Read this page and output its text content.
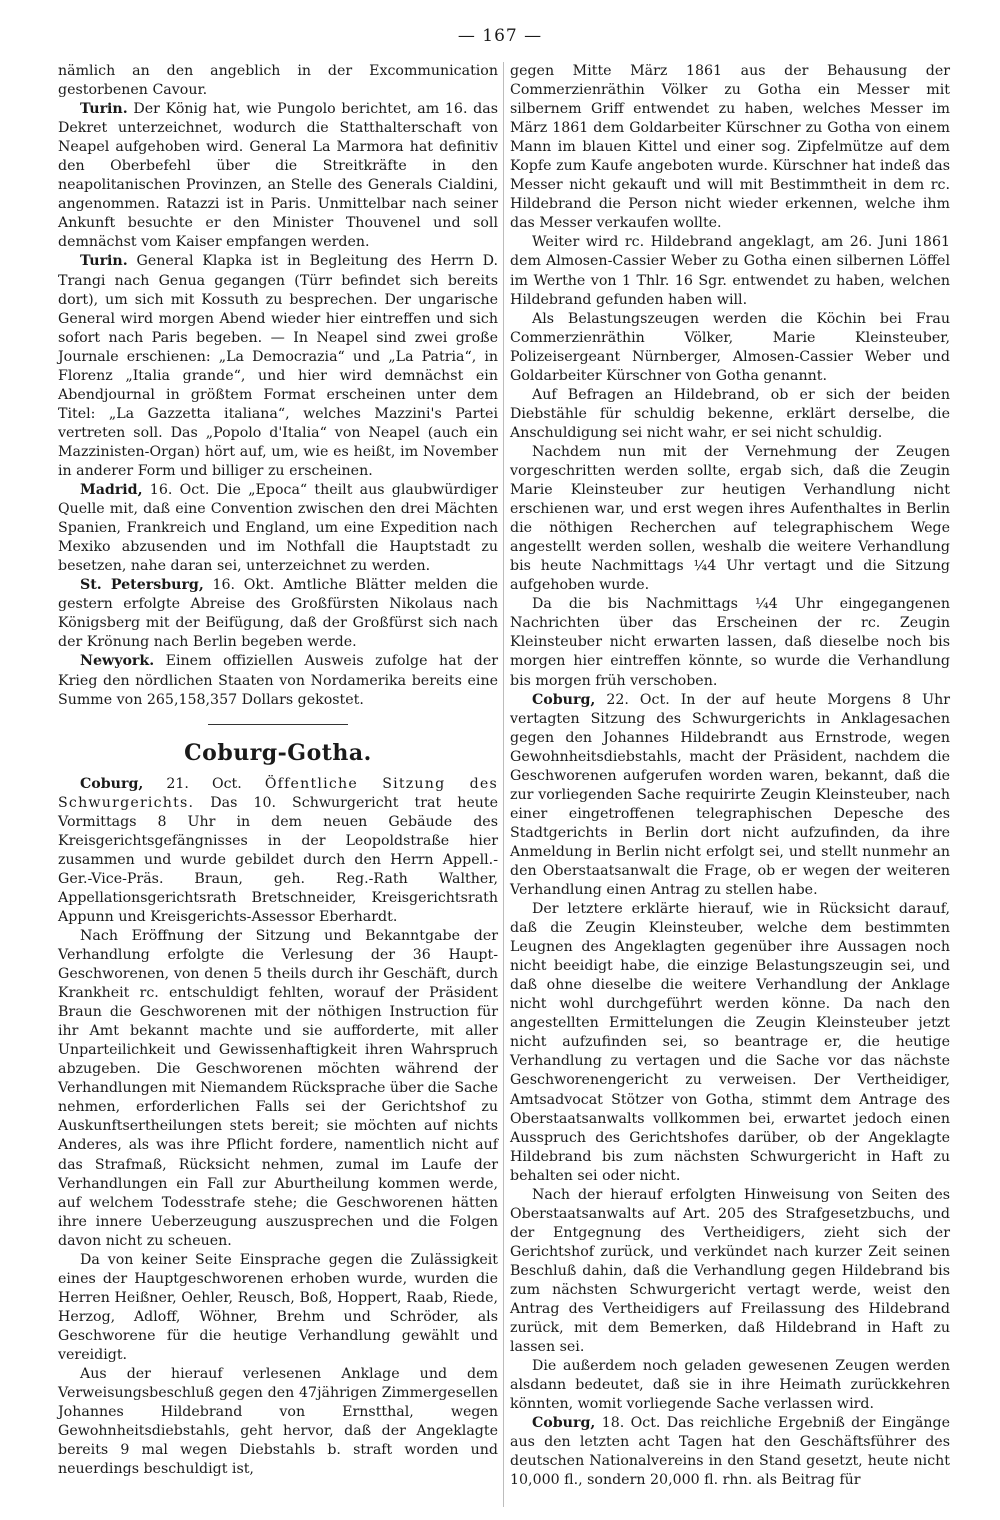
— 167 —

nämlich an den angeblich in der Excommunication gestorbenen Cavour.

Turin. Der König hat, wie Pungolo berichtet, am 16. das Dekret unterzeichnet, wodurch die Statthalterschaft von Neapel aufgehoben wird. General La Marmora hat definitiv den Oberbefehl über die Streitkräfte in den neapolitanischen Provinzen, an Stelle des Generals Cialdini, angenommen. Ratazzi ist in Paris. Unmittelbar nach seiner Ankunft besuchte er den Minister Thouvenel und soll demnächst vom Kaiser empfangen werden.

Turin. General Klapka ist in Begleitung des Herrn D. Trangi nach Genua gegangen (Türr befindet sich bereits dort), um sich mit Kossuth zu besprechen. Der ungarische General wird morgen Abend wieder hier eintreffen und sich sofort nach Paris begeben. — In Neapel sind zwei große Journale erschienen: „La Democrazia“ und „La Patria“, in Florenz „Italia grande“, und hier wird demnächst ein Abendjournal in größtem Format erscheinen unter dem Titel: „La Gazzetta italiana“, welches Mazzini's Partei vertreten soll. Das „Popolo d'Italia“ von Neapel (auch ein Mazzinisten-Organ) hört auf, um, wie es heißt, im November in anderer Form und billiger zu erscheinen.

Madrid, 16. Oct. Die „Epoca“ theilt aus glaubwürdiger Quelle mit, daß eine Convention zwischen den drei Mächten Spanien, Frankreich und England, um eine Expedition nach Mexiko abzusenden und im Nothfall die Hauptstadt zu besetzen, nahe daran sei, unterzeichnet zu werden.

St. Petersburg, 16. Okt. Amtliche Blätter melden die gestern erfolgte Abreise des Großfürsten Nikolaus nach Königsberg mit der Beifügung, daß der Großfürst sich nach der Krönung nach Berlin begeben werde.

Newyork. Einem offiziellen Ausweis zufolge hat der Krieg den nördlichen Staaten von Nordamerika bereits eine Summe von 265,158,357 Dollars gekostet.

Coburg-Gotha.

Coburg, 21. Oct. Öffentliche Sitzung des Schwurgerichts. Das 10. Schwurgericht trat heute Vormittags 8 Uhr in dem neuen Gebäude des Kreisgerichtsgefängnisses in der Leopoldstraße hier zusammen und wurde gebildet durch den Herrn Appell.-Ger.-Vice-Präs. Braun, geh. Reg.-Rath Walther, Appellationsgerichtsrath Bretschneider, Kreisgerichtsrath Appunn und Kreisgerichts-Assessor Eberhardt.

Nach Eröffnung der Sitzung und Bekanntgabe der Verhandlung erfolgte die Verlesung der 36 Haupt-Geschworenen, von denen 5 theils durch ihr Geschäft, durch Krankheit rc. entschuldigt fehlten, worauf der Präsident Braun die Geschworenen mit der nöthigen Instruction für ihr Amt bekannt machte und sie aufforderte, mit aller Unparteilichkeit und Gewissenhaftigkeit ihren Wahrspruch abzugeben. Die Geschworenen möchten während der Verhandlungen mit Niemandem Rücksprache über die Sache nehmen, erforderlichen Falls sei der Gerichtshof zu Auskunftsertheilungen stets bereit; sie möchten auf nichts Anderes, als was ihre Pflicht fordere, namentlich nicht auf das Strafmaß, Rücksicht nehmen, zumal im Laufe der Verhandlungen ein Fall zur Aburtheilung kommen werde, auf welchem Todesstrafe stehe; die Geschworenen hätten ihre innere Ueberzeugung auszusprechen und die Folgen davon nicht zu scheuen.

Da von keiner Seite Einsprache gegen die Zulässigkeit eines der Hauptgeschworenen erhoben wurde, wurden die Herren Heißner, Oehler, Reusch, Boß, Hoppert, Raab, Riede, Herzog, Adloff, Wöhner, Brehm und Schröder, als Geschworene für die heutige Verhandlung gewählt und vereidigt.

Aus der hierauf verlesenen Anklage und dem Verweisungsbeschluß gegen den 47jährigen Zimmergesellen Johannes Hildebrand von Ernstthal, wegen Gewohnheitsdiebstahls, geht hervor, daß der Angeklagte bereits 9 mal wegen Diebstahls b. straft worden und neuerdings beschuldigt ist,

gegen Mitte März 1861 aus der Behausung der Commerzienräthin Völker zu Gotha ein Messer mit silbernem Griff entwendet zu haben, welches Messer im März 1861 dem Goldarbeiter Kürschner zu Gotha von einem Mann im blauen Kittel und einer sog. Zipfelmütze auf dem Kopfe zum Kaufe angeboten wurde. Kürschner hat indeß das Messer nicht gekauft und will mit Bestimmtheit in dem rc. Hildebrand die Person nicht wieder erkennen, welche ihm das Messer verkaufen wollte.

Weiter wird rc. Hildebrand angeklagt, am 26. Juni 1861 dem Almosen-Cassier Weber zu Gotha einen silbernen Löffel im Werthe von 1 Thlr. 16 Sgr. entwendet zu haben, welchen Hildebrand gefunden haben will.

Als Belastungszeugen werden die Köchin bei Frau Commerzienräthin Völker, Marie Kleinsteuber, Polizeisergeant Nürnberger, Almosen-Cassier Weber und Goldarbeiter Kürschner von Gotha genannt.

Auf Befragen an Hildebrand, ob er sich der beiden Diebstähle für schuldig bekenne, erklärt derselbe, die Anschuldigung sei nicht wahr, er sei nicht schuldig.

Nachdem nun mit der Vernehmung der Zeugen vorgeschritten werden sollte, ergab sich, daß die Zeugin Marie Kleinsteuber zur heutigen Verhandlung nicht erschienen war, und erst wegen ihres Aufenthaltes in Berlin die nöthigen Recherchen auf telegraphischem Wege angestellt werden sollen, weshalb die weitere Verhandlung bis heute Nachmittags ¼4 Uhr vertagt und die Sitzung aufgehoben wurde.

Da die bis Nachmittags ¼4 Uhr eingegangenen Nachrichten über das Erscheinen der rc. Zeugin Kleinsteuber nicht erwarten lassen, daß dieselbe noch bis morgen hier eintreffen könnte, so wurde die Verhandlung bis morgen früh verschoben.

Coburg, 22. Oct. In der auf heute Morgens 8 Uhr vertagten Sitzung des Schwurgerichts in Anklagesachen gegen den Johannes Hildebrandt aus Ernstrode, wegen Gewohnheitsdiebstahls, macht der Präsident, nachdem die Geschworenen aufgerufen worden waren, bekannt, daß die zur vorliegenden Sache requirirte Zeugin Kleinsteuber, nach einer eingetroffenen telegraphischen Depesche des Stadtgerichts in Berlin dort nicht aufzufinden, da ihre Anmeldung in Berlin nicht erfolgt sei, und stellt nunmehr an den Oberstaatsanwalt die Frage, ob er wegen der weiteren Verhandlung einen Antrag zu stellen habe.

Der letztere erklärte hierauf, wie in Rücksicht darauf, daß die Zeugin Kleinsteuber, welche dem bestimmten Leugnen des Angeklagten gegenüber ihre Aussagen noch nicht beeidigt habe, die einzige Belastungszeugin sei, und daß ohne dieselbe die weitere Verhandlung der Anklage nicht wohl durchgeführt werden könne. Da nach den angestellten Ermittelungen die Zeugin Kleinsteuber jetzt nicht aufzufinden sei, so beantrage er, die heutige Verhandlung zu vertagen und die Sache vor das nächste Geschworenengericht zu verweisen. Der Vertheidiger, Amtsadvocat Stötzer von Gotha, stimmt dem Antrage des Oberstaatsanwalts vollkommen bei, erwartet jedoch einen Ausspruch des Gerichtshofes darüber, ob der Angeklagte Hildebrand bis zum nächsten Schwurgericht in Haft zu behalten sei oder nicht.

Nach der hierauf erfolgten Hinweisung von Seiten des Oberstaatsanwalts auf Art. 205 des Strafgesetzbuchs, und der Entgegnung des Vertheidigers, zieht sich der Gerichtshof zurück, und verkündet nach kurzer Zeit seinen Beschluß dahin, daß die Verhandlung gegen Hildebrand bis zum nächsten Schwurgericht vertagt werde, weist den Antrag des Vertheidigers auf Freilassung des Hildebrand zurück, mit dem Bemerken, daß Hildebrand in Haft zu lassen sei.

Die außerdem noch geladen gewesenen Zeugen werden alsdann bedeutet, daß sie in ihre Heimath zurückkehren könnten, womit vorliegende Sache verlassen wird.

Coburg, 18. Oct. Das reichliche Ergebniß der Eingänge aus den letzten acht Tagen hat den Geschäftsführer des deutschen Nationalvereins in den Stand gesetzt, heute nicht 10,000 fl., sondern 20,000 fl. rhn. als Beitrag für
